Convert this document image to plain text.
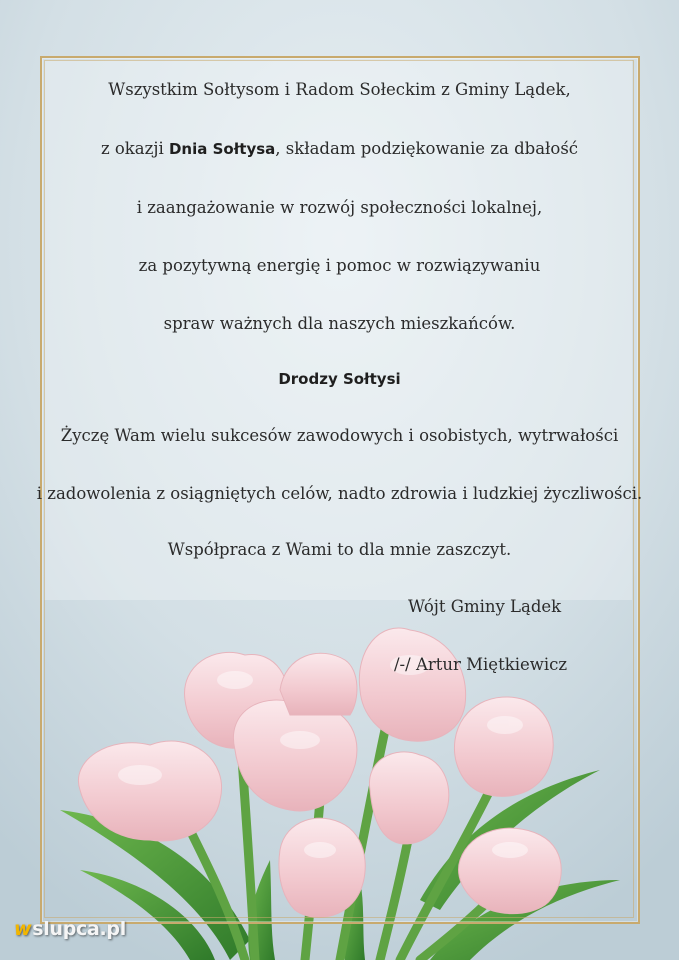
Wszystkim Sołtysom i Radom Sołeckim z Gminy Lądek,
z okazji Dnia Sołtysa, składam podziękowanie za dbałość
i zaangażowanie w rozwój społeczności lokalnej,
za pozytywną energię i pomoc w rozwiązywaniu
spraw ważnych dla naszych mieszkańców.
Drodzy Sołtysi
Życzę Wam wielu sukcesów zawodowych i osobistych, wytrwałości
i zadowolenia z osiągniętych celów, nadto zdrowia i ludzkiej życzliwości.
Współpraca z Wami to dla mnie zaszczyt.
Wójt Gminy Lądek
/-/ Artur Miętkiewicz
wslupca.pl
